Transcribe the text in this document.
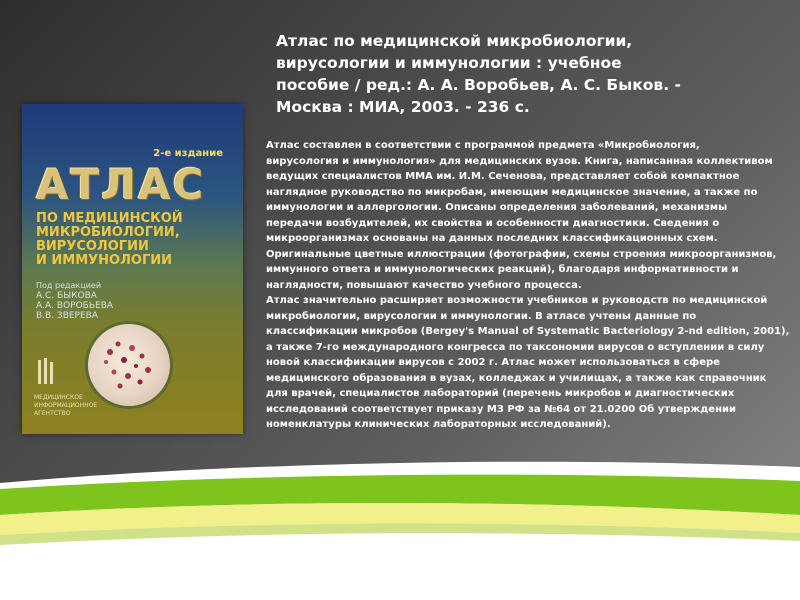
2-е издание
АТЛАС
ПО МЕДИЦИНСКОЙ
МИКРОБИОЛОГИИ,
ВИРУСОЛОГИИ
И ИММУНОЛОГИИ
Под редакцией
А.С. БЫКОВА
А.А. ВОРОБЬЕВА
В.В. ЗВЕРЕВА
МЕДИЦИНСКОЕ
ИНФОРМАЦИОННОЕ
АГЕНТСТВО
Атлас по медицинской микробиологии,
вирусологии и иммунологии : учебное
пособие / ред.: А. А. Воробьев, А. С. Быков. -
Москва : МИА, 2003. - 236 с.
Атлас составлен в соответствии с программой предмета «Микробиология,
вирусология и иммунология» для медицинских вузов. Книга, написанная коллективом
ведущих специалистов ММА им. И.М. Сеченова, представляет собой компактное
наглядное руководство по микробам, имеющим медицинское значение, а также по
иммунологии и аллергологии. Описаны определения заболеваний, механизмы
передачи возбудителей, их свойства и особенности диагностики. Сведения о
микроорганизмах основаны на данных последних классификационных схем.
Оригинальные цветные иллюстрации (фотографии, схемы строения микроорганизмов,
иммунного ответа и иммунологических реакций), благодаря информативности и
наглядности, повышают качество учебного процесса.
Атлас значительно расширяет возможности учебников и руководств по медицинской
микробиологии, вирусологии и иммунологии. В атласе учтены данные по
классификации микробов (Bergey's Manual of Systematic Bacteriology 2-nd edition, 2001),
а также 7-го международного конгресса по таксономии вирусов о вступлении в силу
новой классификации вирусов с 2002 г. Атлас может использоваться в сфере
медицинского образования в вузах, колледжах и училищах, а также как справочник
для врачей, специалистов лабораторий (перечень микробов и диагностических
исследований соответствует приказу МЗ РФ за №64 от 21.0200 Об утверждении
номенклатуры клинических лабораторных исследований).
